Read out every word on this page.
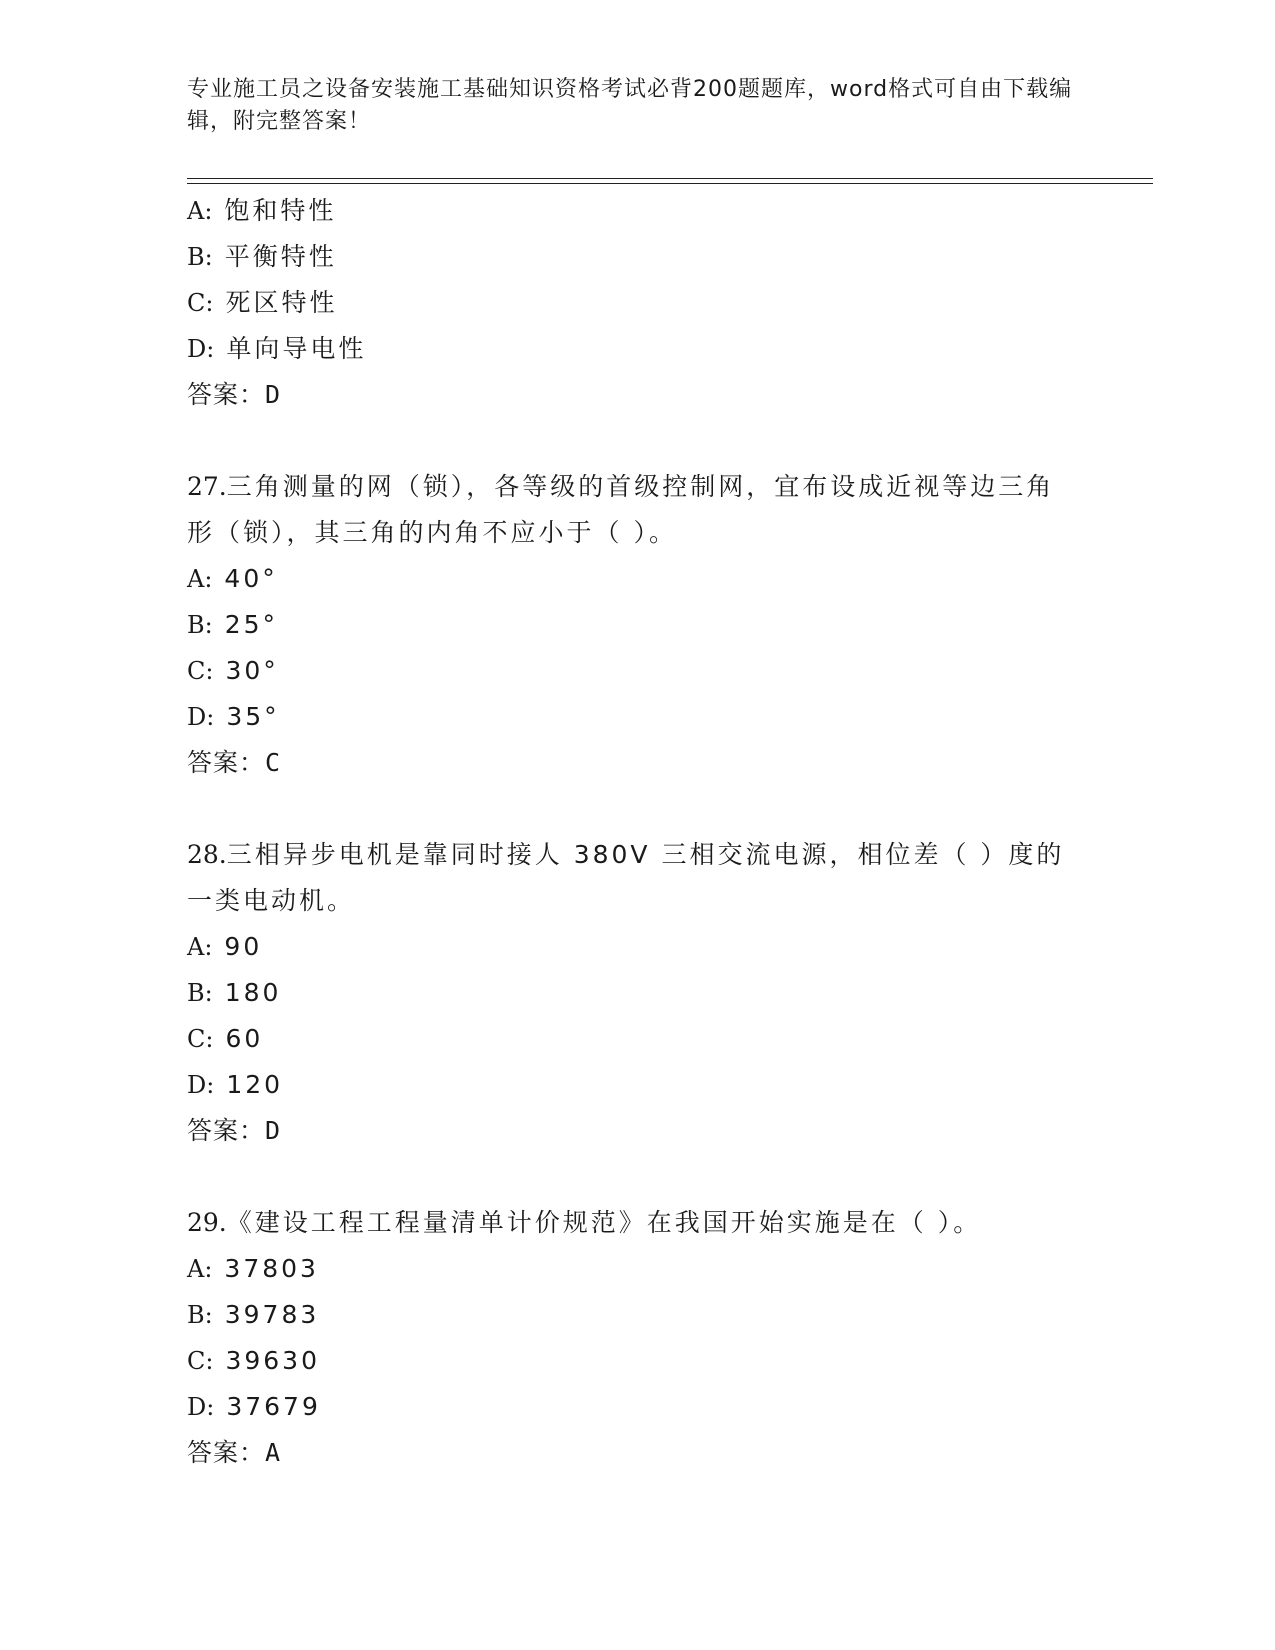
专业施工员之设备安装施工基础知识资格考试必背200题题库，word格式可自由下载编辑，附完整答案！

A: 饱和特性

B: 平衡特性

C: 死区特性

D: 单向导电性

答案：D

27.三角测量的网（锁），各等级的首级控制网，宜布设成近视等边三角形（锁），其三角的内角不应小于（ ）。

A: 40°

B: 25°

C: 30°

D: 35°

答案：C

28.三相异步电机是靠同时接人 380V 三相交流电源，相位差（ ）度的一类电动机。

A: 90

B: 180

C: 60

D: 120

答案：D

29.《建设工程工程量清单计价规范》在我国开始实施是在（ ）。

A: 37803

B: 39783

C: 39630

D: 37679

答案：A
